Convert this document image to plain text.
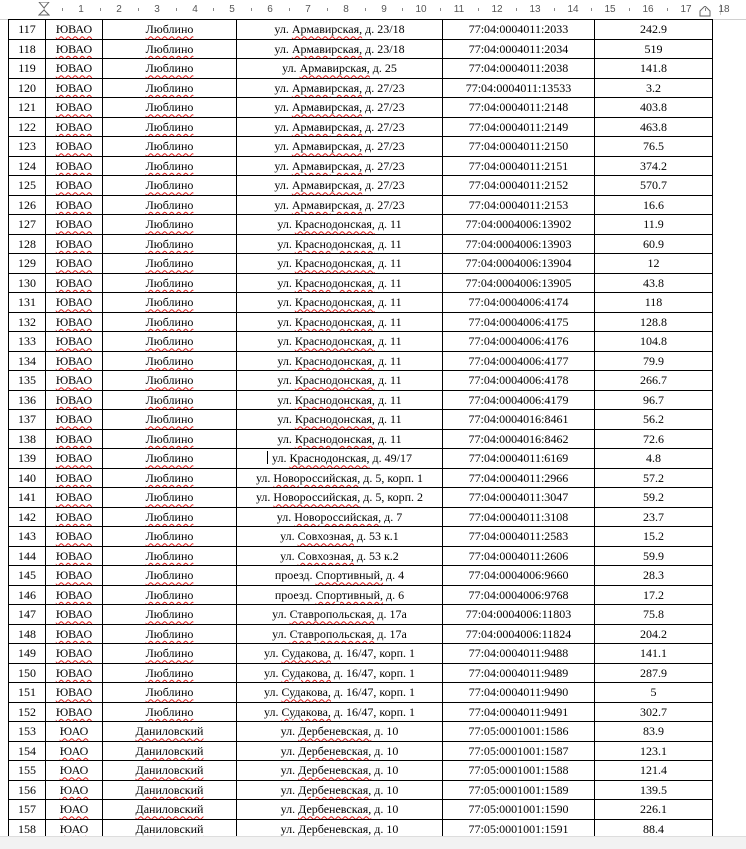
1	2	3	4	5	6	7	8	9	10	11	12	13	14	15	16	17	18
117	ЮВАО	Люблино	ул. Армавирская, д. 23/18	77:04:0004011:2033	242.9
118	ЮВАО	Люблино	ул. Армавирская, д. 23/18	77:04:0004011:2034	519
119	ЮВАО	Люблино	ул. Армавирская, д. 25	77:04:0004011:2038	141.8
120	ЮВАО	Люблино	ул. Армавирская, д. 27/23	77:04:0004011:13533	3.2
121	ЮВАО	Люблино	ул. Армавирская, д. 27/23	77:04:0004011:2148	403.8
122	ЮВАО	Люблино	ул. Армавирская, д. 27/23	77:04:0004011:2149	463.8
123	ЮВАО	Люблино	ул. Армавирская, д. 27/23	77:04:0004011:2150	76.5
124	ЮВАО	Люблино	ул. Армавирская, д. 27/23	77:04:0004011:2151	374.2
125	ЮВАО	Люблино	ул. Армавирская, д. 27/23	77:04:0004011:2152	570.7
126	ЮВАО	Люблино	ул. Армавирская, д. 27/23	77:04:0004011:2153	16.6
127	ЮВАО	Люблино	ул. Краснодонская, д. 11	77:04:0004006:13902	11.9
128	ЮВАО	Люблино	ул. Краснодонская, д. 11	77:04:0004006:13903	60.9
129	ЮВАО	Люблино	ул. Краснодонская, д. 11	77:04:0004006:13904	12
130	ЮВАО	Люблино	ул. Краснодонская, д. 11	77:04:0004006:13905	43.8
131	ЮВАО	Люблино	ул. Краснодонская, д. 11	77:04:0004006:4174	118
132	ЮВАО	Люблино	ул. Краснодонская, д. 11	77:04:0004006:4175	128.8
133	ЮВАО	Люблино	ул. Краснодонская, д. 11	77:04:0004006:4176	104.8
134	ЮВАО	Люблино	ул. Краснодонская, д. 11	77:04:0004006:4177	79.9
135	ЮВАО	Люблино	ул. Краснодонская, д. 11	77:04:0004006:4178	266.7
136	ЮВАО	Люблино	ул. Краснодонская, д. 11	77:04:0004006:4179	96.7
137	ЮВАО	Люблино	ул. Краснодонская, д. 11	77:04:0004016:8461	56.2
138	ЮВАО	Люблино	ул. Краснодонская, д. 11	77:04:0004016:8462	72.6
139	ЮВАО	Люблино	ул. Краснодонская, д. 49/17	77:04:0004011:6169	4.8
140	ЮВАО	Люблино	ул. Новороссийская, д. 5, корп. 1	77:04:0004011:2966	57.2
141	ЮВАО	Люблино	ул. Новороссийская, д. 5, корп. 2	77:04:0004011:3047	59.2
142	ЮВАО	Люблино	ул. Новороссийская, д. 7	77:04:0004011:3108	23.7
143	ЮВАО	Люблино	ул. Совхозная, д. 53 к.1	77:04:0004011:2583	15.2
144	ЮВАО	Люблино	ул. Совхозная, д. 53 к.2	77:04:0004011:2606	59.9
145	ЮВАО	Люблино	проезд. Спортивный, д. 4	77:04:0004006:9660	28.3
146	ЮВАО	Люблино	проезд. Спортивный, д. 6	77:04:0004006:9768	17.2
147	ЮВАО	Люблино	ул. Ставропольская, д. 17а	77:04:0004006:11803	75.8
148	ЮВАО	Люблино	ул. Ставропольская, д. 17а	77:04:0004006:11824	204.2
149	ЮВАО	Люблино	ул. Судакова, д. 16/47, корп. 1	77:04:0004011:9488	141.1
150	ЮВАО	Люблино	ул. Судакова, д. 16/47, корп. 1	77:04:0004011:9489	287.9
151	ЮВАО	Люблино	ул. Судакова, д. 16/47, корп. 1	77:04:0004011:9490	5
152	ЮВАО	Люблино	ул. Судакова, д. 16/47, корп. 1	77:04:0004011:9491	302.7
153	ЮАО	Даниловский	ул. Дербеневская, д. 10	77:05:0001001:1586	83.9
154	ЮАО	Даниловский	ул. Дербеневская, д. 10	77:05:0001001:1587	123.1
155	ЮАО	Даниловский	ул. Дербеневская, д. 10	77:05:0001001:1588	121.4
156	ЮАО	Даниловский	ул. Дербеневская, д. 10	77:05:0001001:1589	139.5
157	ЮАО	Даниловский	ул. Дербеневская, д. 10	77:05:0001001:1590	226.1
158	ЮАО	Даниловский	ул. Дербеневская, д. 10	77:05:0001001:1591	88.4
